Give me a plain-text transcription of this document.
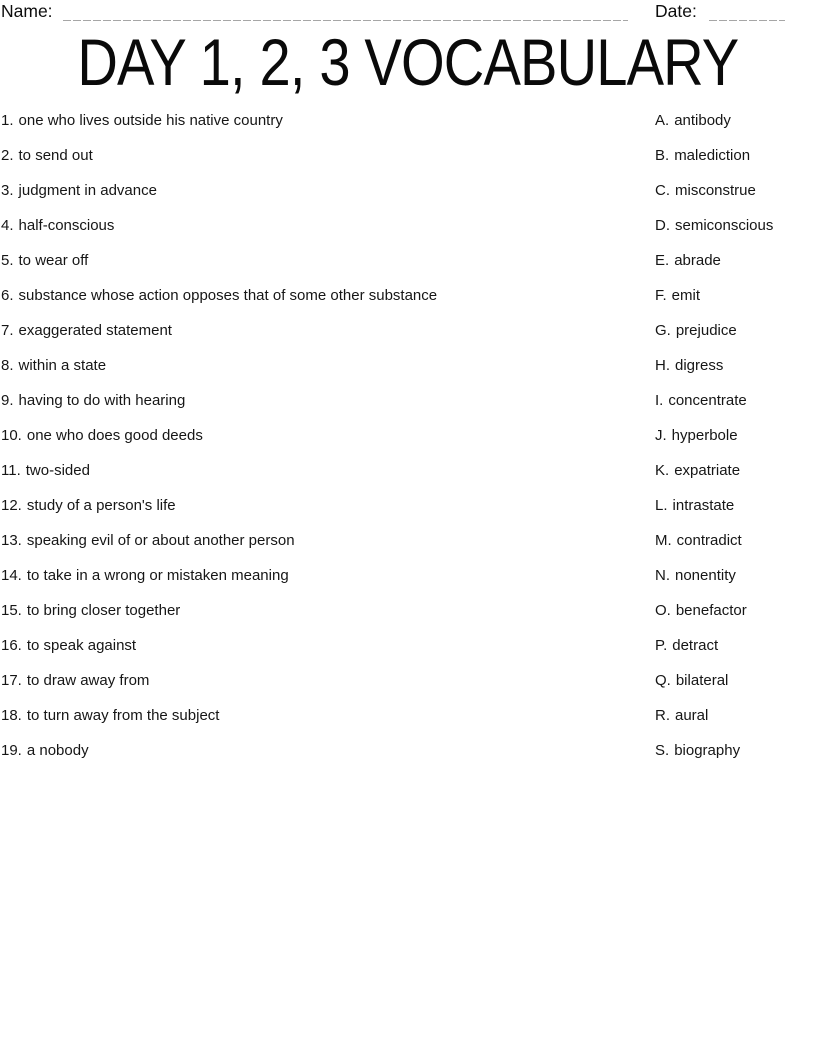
Name:	Date:
DAY 1, 2, 3 VOCABULARY
1. one who lives outside his native country
2. to send out
3. judgment in advance
4. half-conscious
5. to wear off
6. substance whose action opposes that of some other substance
7. exaggerated statement
8. within a state
9. having to do with hearing
10. one who does good deeds
11. two-sided
12. study of a person's life
13. speaking evil of or about another person
14. to take in a wrong or mistaken meaning
15. to bring closer together
16. to speak against
17. to draw away from
18. to turn away from the subject
19. a nobody
A. antibody
B. malediction
C. misconstrue
D. semiconscious
E. abrade
F. emit
G. prejudice
H. digress
I. concentrate
J. hyperbole
K. expatriate
L. intrastate
M. contradict
N. nonentity
O. benefactor
P. detract
Q. bilateral
R. aural
S. biography
